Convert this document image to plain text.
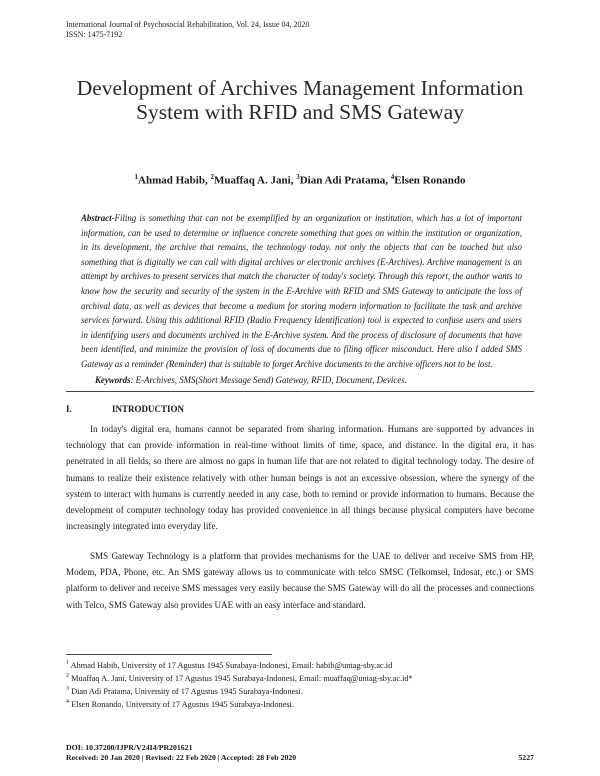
International Journal of Psychosocial Rehabilitation, Vol. 24, Issue 04, 2020
ISSN: 1475-7192
Development of Archives Management Information System with RFID and SMS Gateway
$^1$Ahmad Habib, $^2$Muaffaq A. Jani, $^3$Dian Adi Pratama, $^4$Elsen Ronando
Abstract-Filing is something that can not be exemplified by an organization or institution, which has a lot of important information, can be used to determine or influence concrete something that goes on within the institution or organization, in its development, the archive that remains, the technology today. not only the objects that can be touched but also something that is digitally we can call with digital archives or electronic archives (E-Archives). Archive management is an attempt by archives to present services that match the character of today's society. Through this report, the author wants to know how the security and security of the system in the E-Archive with RFID and SMS Gateway to anticipate the loss of archival data, as well as devices that become a medium for storing modern information to facilitate the task and archive services forward. Using this additional RFID (Radio Frequency Identification) tool is expected to confuse users and users in identifying users and documents archived in the E-Archive system. And the process of disclosure of documents that have been identified, and minimize the provision of loss of documents due to filing officer misconduct. Here also I added SMS Gateway as a reminder (Reminder) that is suitable to forget Archive documents to the archive officers not to be lost.
Keywords: E-Archives, SMS(Short Message Send) Gateway, RFID, Document, Devices.
I.	INTRODUCTION
In today's digital era, humans cannot be separated from sharing information. Humans are supported by advances in technology that can provide information in real-time without limits of time, space, and distance. In the digital era, it has penetrated in all fields, so there are almost no gaps in human life that are not related to digital technology today. The desire of humans to realize their existence relatively with other human beings is not an excessive obsession, where the synergy of the system to interact with humans is currently needed in any case, both to remind or provide information to humans. Because the development of computer technology today has provided convenience in all things because physical computers have become increasingly integrated into everyday life.
SMS Gateway Technology is a platform that provides mechanisms for the UAE to deliver and receive SMS from HP, Modem, PDA, Phone, etc. An SMS gateway allows us to communicate with telco SMSC (Telkomsel, Indosat, etc.) or SMS platform to deliver and receive SMS messages very easily because the SMS Gateway will do all the processes and connections with Telco, SMS Gateway also provides UAE with an easy interface and standard.
$^1$ Ahmad Habib, University of 17 Agustus 1945 Surabaya-Indonesi, Email: habib@untag-sby.ac.id
$^2$ Muaffaq A. Jani, University of 17 Agustus 1945 Surabaya-Indonesi, Email: muaffaq@untag-sby.ac.id*
$^3$ Dian Adi Pratama, University of 17 Agustus 1945 Surabaya-Indonesi.
$^4$ Elsen Ronando, University of 17 Agustus 1945 Surabaya-Indonesi.
DOI: 10.37200/IJPR/V24I4/PR201621
Received: 20 Jan 2020 | Revised: 22 Feb 2020 | Accepted: 28 Feb 2020	5227
